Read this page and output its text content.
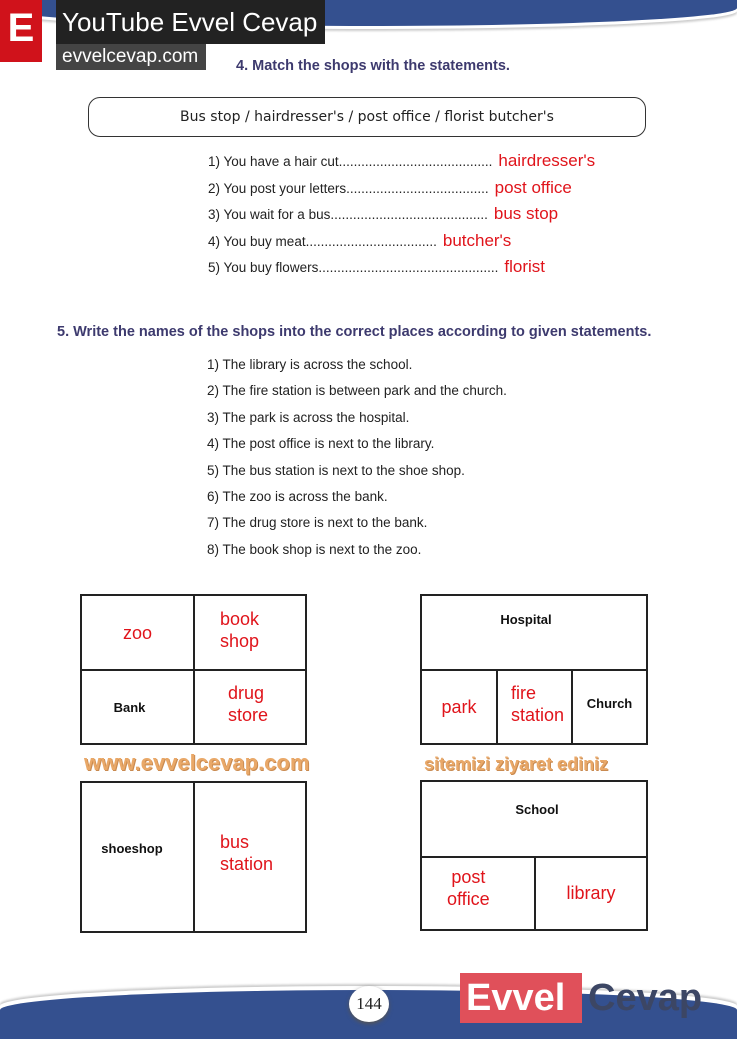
E YouTube Evvel Cevap
evvelcevap.com	4. Match the shops with the statements.
Bus stop / hairdresser's / post office / florist butcher's
1) You have a hair cut......................................... hairdresser's
2) You post your letters...................................... post office
3) You wait for a bus.......................................... bus stop
4) You buy meat................................... butcher's
5) You buy flowers................................................ florist
5. Write the names of the shops into the correct places according to given statements.
1) The library is across the school.
2) The fire station is between park and the church.
3) The park is across the hospital.
4) The post office is next to the library.
5) The bus station is next to the shoe shop.
6) The zoo is across the bank.
7) The drug store is next to the bank.
8) The book shop is next to the zoo.
zoo
book
shop
Bank
drug
store
Hospital
park
fire
station
Church
shoeshop	bus
station
School
post
office	library
www.evvelcevap.com	sitemizi ziyaret ediniz
144 Evvel Cevap
